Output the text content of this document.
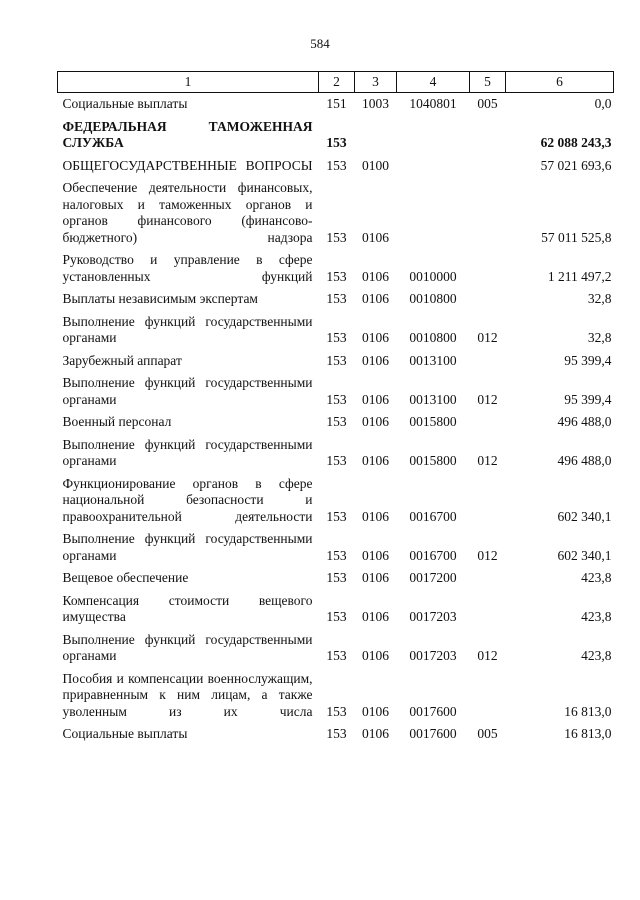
584
1	2	3	4	5	6
Социальные выплаты	151	1003	1040801	005	0,0
ФЕДЕРАЛЬНАЯ ТАМОЖЕННАЯ СЛУЖБА	153				62 088 243,3
ОБЩЕГОСУДАРСТВЕННЫЕ ВОПРОСЫ	153	0100			57 021 693,6
Обеспечение деятельности финансовых, налоговых и таможенных органов и органов финансового (финансово-бюджетного) надзора	153	0106			57 011 525,8
Руководство и управление в сфере установленных функций	153	0106	0010000		1 211 497,2
Выплаты независимым экспертам	153	0106	0010800		32,8
Выполнение функций государственными органами	153	0106	0010800	012	32,8
Зарубежный аппарат	153	0106	0013100		95 399,4
Выполнение функций государственными органами	153	0106	0013100	012	95 399,4
Военный персонал	153	0106	0015800		496 488,0
Выполнение функций государственными органами	153	0106	0015800	012	496 488,0
Функционирование органов в сфере национальной безопасности и правоохранительной деятельности	153	0106	0016700		602 340,1
Выполнение функций государственными органами	153	0106	0016700	012	602 340,1
Вещевое обеспечение	153	0106	0017200		423,8
Компенсация стоимости вещевого имущества	153	0106	0017203		423,8
Выполнение функций государственными органами	153	0106	0017203	012	423,8
Пособия и компенсации военнослужащим, приравненным к ним лицам, а также уволенным из их числа	153	0106	0017600		16 813,0
Социальные выплаты	153	0106	0017600	005	16 813,0
